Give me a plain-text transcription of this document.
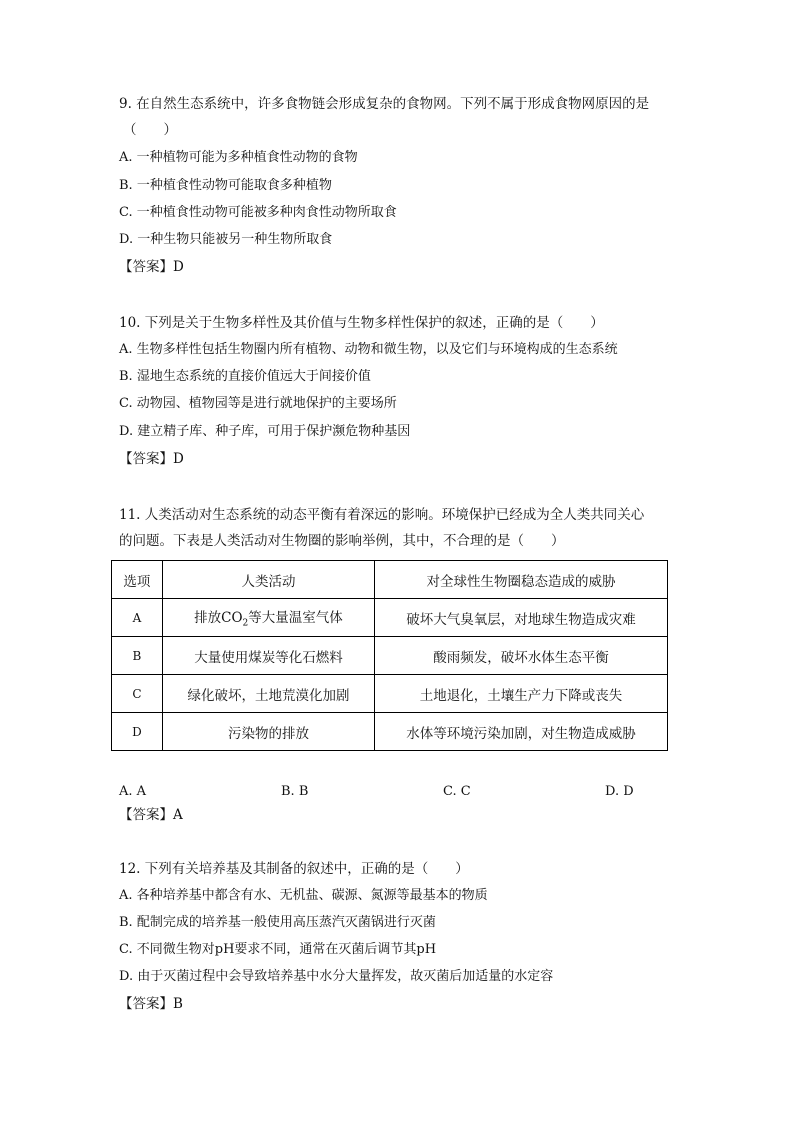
9. 在自然生态系统中，许多食物链会形成复杂的食物网。下列不属于形成食物网原因的是
（　　）
A. 一种植物可能为多种植食性动物的食物
B. 一种植食性动物可能取食多种植物
C. 一种植食性动物可能被多种肉食性动物所取食
D. 一种生物只能被另一种生物所取食
【答案】D
10. 下列是关于生物多样性及其价值与生物多样性保护的叙述，正确的是（　　）
A. 生物多样性包括生物圈内所有植物、动物和微生物，以及它们与环境构成的生态系统
B. 湿地生态系统的直接价值远大于间接价值
C. 动物园、植物园等是进行就地保护的主要场所
D. 建立精子库、种子库，可用于保护濒危物种基因
【答案】D
11. 人类活动对生态系统的动态平衡有着深远的影响。环境保护已经成为全人类共同关心
的问题。下表是人类活动对生物圈的影响举例，其中，不合理的是（　　）
选项	人类活动	对全球性生物圈稳态造成的威胁
A	排放$CO_2$等大量温室气体	破坏大气臭氧层，对地球生物造成灾难
B	大量使用煤炭等化石燃料	酸雨频发，破坏水体生态平衡
C	绿化破坏，土地荒漠化加剧	土地退化，土壤生产力下降或丧失
D	污染物的排放	水体等环境污染加剧，对生物造成威胁
A. A	B. B	C. C	D. D
【答案】A
12. 下列有关培养基及其制备的叙述中，正确的是（　　）
A. 各种培养基中都含有水、无机盐、碳源、氮源等最基本的物质
B. 配制完成的培养基一般使用高压蒸汽灭菌锅进行灭菌
C. 不同微生物对pH要求不同，通常在灭菌后调节其pH
D. 由于灭菌过程中会导致培养基中水分大量挥发，故灭菌后加适量的水定容
【答案】B
